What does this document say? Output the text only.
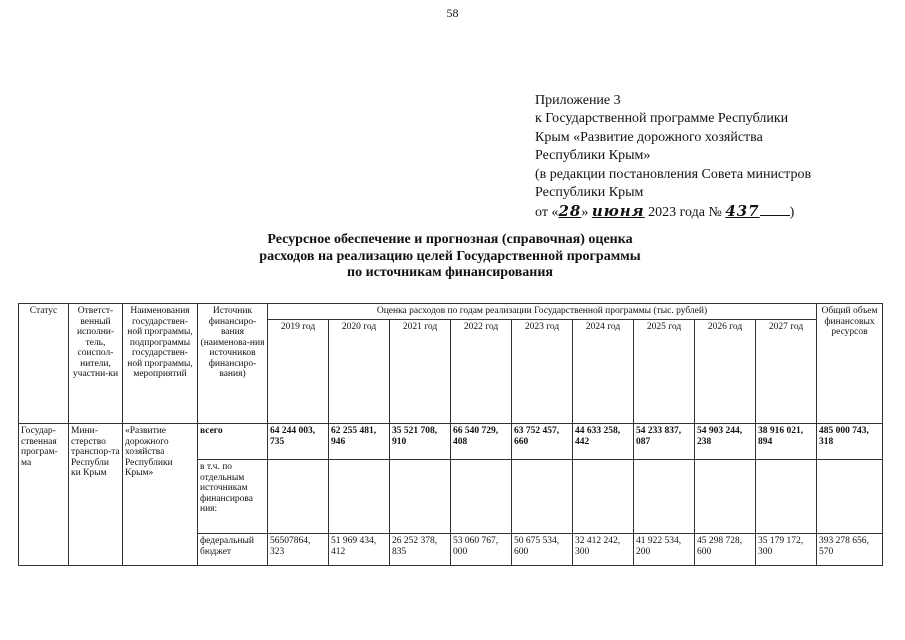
58
Приложение 3
к Государственной программе Республики
Крым «Развитие дорожного хозяйства
Республики Крым»
(в редакции постановления Совета министров
Республики Крым
от «28» июня 2023 года № 437 )
Ресурсное обеспечение и прогнозная (справочная) оценка
расходов на реализацию целей Государственной программы
по источникам финансирования
Статус	Ответст-венный исполни-тель, соиспол-нители, участни-ки	Наименования государствен-ной программы, подпрограммы государствен-ной программы, мероприятий	Источник финансиро-вания (наименова-ния источников финансиро-вания)	Оценка расходов по годам реализации Государственной программы (тыс. рублей)									Общий объем финансовых ресурсов
				2019 год	2020 год	2021 год	2022 год	2023 год	2024 год	2025 год	2026 год	2027 год	
Государ-ственная програм-ма	Мини-стерство транспор-та Республи ки Крым	«Развитие дорожного хозяйства Республики Крым»	всего	64 244 003, 735	62 255 481, 946	35 521 708, 910	66 540 729, 408	63 752 457, 660	44 633 258, 442	54 233 837, 087	54 903 244, 238	38 916 021, 894	485 000 743, 318
			в т.ч. по отдельным источникам финансирова ния:										
			федеральный бюджет	56507864, 323	51 969 434, 412	26 252 378, 835	53 060 767, 000	50 675 534, 600	32 412 242, 300	41 922 534, 200	45 298 728, 600	35 179 172, 300	393 278 656, 570
